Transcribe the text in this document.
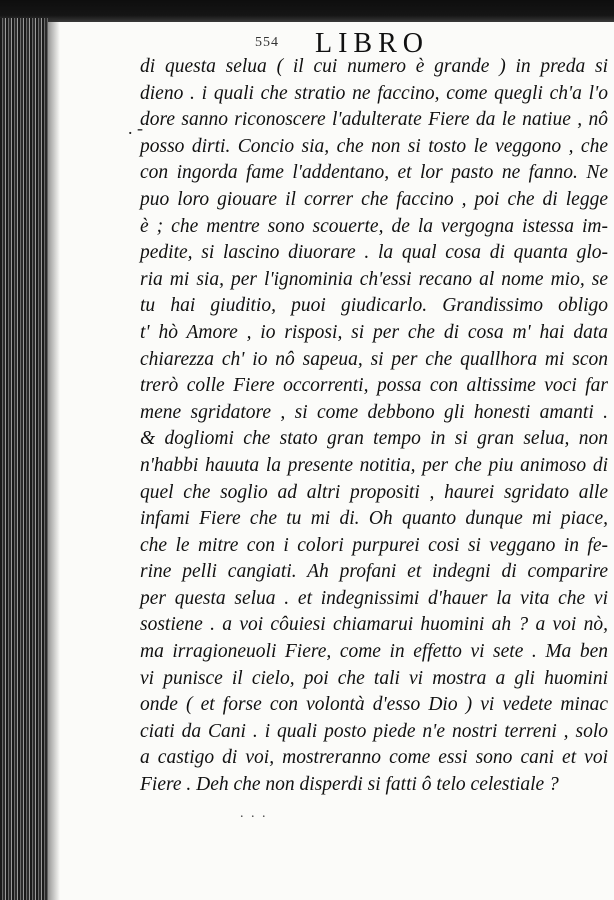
554	LIBRO
. -
di questa selua ( il cui numero è grande ) in preda si
dieno . i quali che stratio ne faccino, come quegli ch'a l'o
dore sanno riconoscere l'adulterate Fiere da le natiue , nô
posso dirti. Concio sia, che non si tosto le veggono , che
con ingorda fame l'addentano, et lor pasto ne fanno. Ne
puo loro giouare il correr che faccino , poi che di legge
è ; che mentre sono scouerte, de la vergogna istessa im-
pedite, si lascino diuorare . la qual cosa di quanta glo-
ria mi sia, per l'ignominia ch'essi recano al nome mio, se
tu hai giuditio, puoi giudicarlo. Grandissimo obligo
t' hò Amore , io risposi, si per che di cosa m' hai data
chiarezza ch' io nô sapeua, si per che quallhora mi scon
trerò colle Fiere occorrenti, possa con altissime voci far
mene sgridatore , si come debbono gli honesti amanti .
& dogliomi che stato gran tempo in si gran selua, non
n'habbi hauuta la presente notitia, per che piu animoso di
quel che soglio ad altri propositi , haurei sgridato alle
infami Fiere che tu mi di. Oh quanto dunque mi piace,
che le mitre con i colori purpurei cosi si veggano in fe-
rine pelli cangiati. Ah profani et indegni di comparire
per questa selua . et indegnissimi d'hauer la vita che vi
sostiene . a voi côuiesi chiamarui huomini ah ? a voi nò,
ma irragioneuoli Fiere, come in effetto vi sete . Ma ben
vi punisce il cielo, poi che tali vi mostra a gli huomini
onde ( et forse con volontà d'esso Dio ) vi vedete minac
ciati da Cani . i quali posto piede n'e nostri terreni , solo
a castigo di voi, mostreranno come essi sono cani et voi
Fiere . Deh che non disperdi si fatti ô telo celestiale ?
. . .
